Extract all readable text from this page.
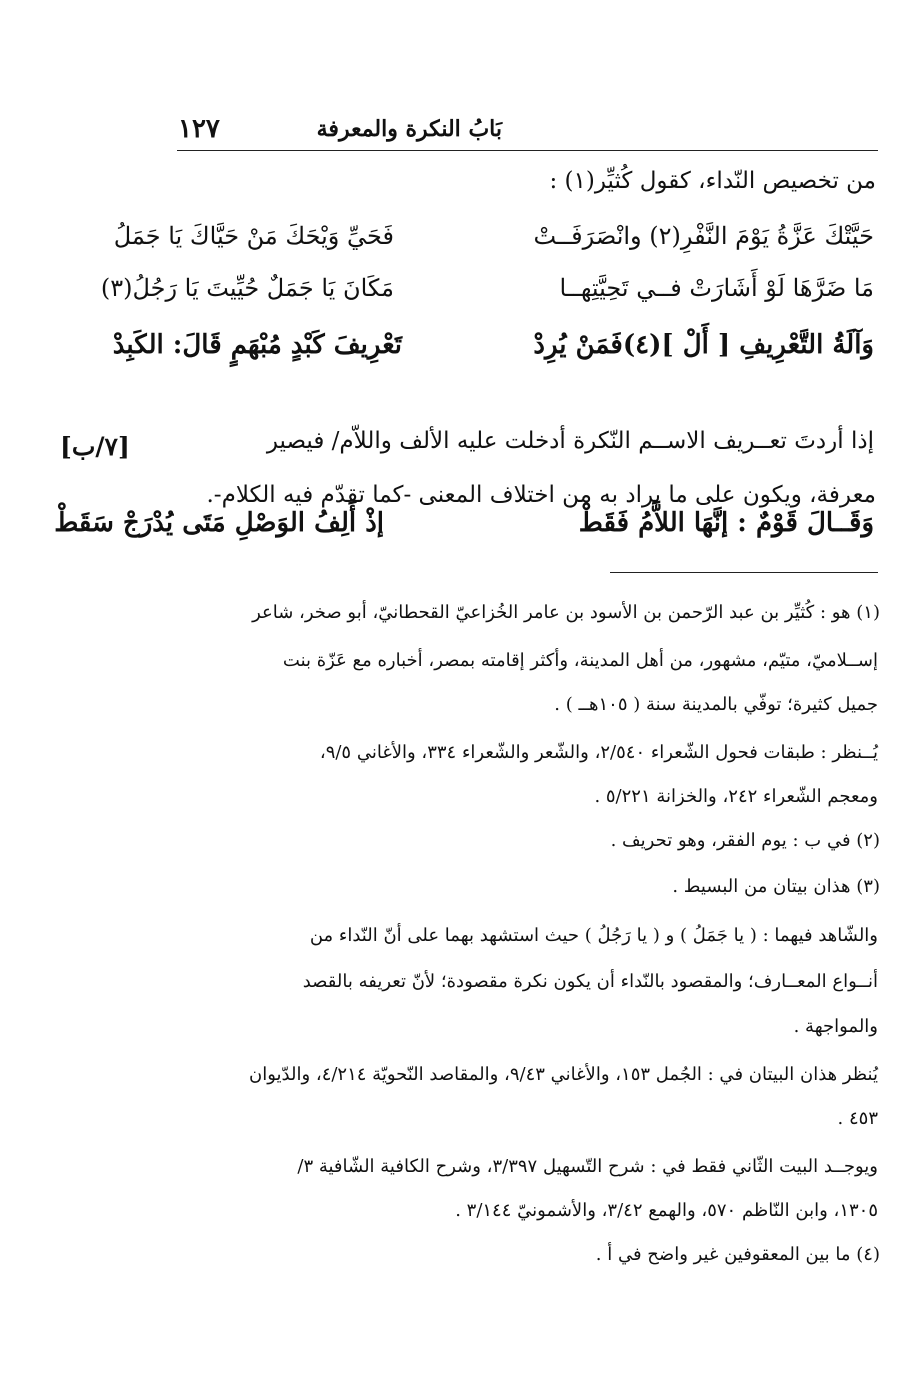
بَابُ النكرة والمعرفة
١٢٧
من تخصيص النّداء، كقول كُثيِّر(١) :
حَيَّتْكَ عَزَّةُ يَوْمَ النَّفْرِ(٢) وانْصَرَفَــتْ
فَحَيِّ وَيْحَكَ مَنْ حَيَّاكَ يَا جَمَلُ
مَا ضَرَّهَا لَوْ أَشَارَتْ فــي تَحِيَّتِهــا
مَكَانَ يَا جَمَلٌ حُيِّيتَ يَا رَجُلُ(٣)
وَآلَةُ التَّعْرِيفِ [ أَلْ ](٤)فَمَنْ يُرِدْ
تَعْرِيفَ كَبْدٍ مُبْهَمٍ قَالَ: الكَبِدْ
إذا أردتَ تعــريف الاســم النّكرة أدخلت عليه الألف واللاّم/ فيصير
معرفة، ويكون على ما يراد به من اختلاف المعنى -كما تقدّم فيه الكلام-.
[٧/ب]
وَقَــالَ قَوْمٌ : إنَّهَا اللاَّمُ فَقَطْ
إذْ أَلِفُ الوَصْلِ مَتَى يُدْرَجْ سَقَطْ
(١) هو : كُثيِّر بن عبد الرّحمن بن الأسود بن عامر الخُزاعيّ القحطانيّ، أبو صخر، شاعر
إســلاميّ، متيّم، مشهور، من أهل المدينة، وأكثر إقامته بمصر، أخباره مع عَزّة بنت
جميل كثيرة؛ توفّي بالمدينة سنة ( ١٠٥هــ ) .
يُــنظر : طبقات فحول الشّعراء ٢/٥٤٠، والشّعر والشّعراء ٣٣٤، والأغاني ٩/٥،
ومعجم الشّعراء ٢٤٢، والخزانة ٥/٢٢١ .
(٢) في ب : يوم الفقر، وهو تحريف .
(٣) هذان بيتان من البسيط .
والشّاهد فيهما : ( يا جَمَلُ ) و ( يا رَجُلُ ) حيث استشهد بهما على أنّ النّداء من
أنــواع المعــارف؛ والمقصود بالنّداء أن يكون نكرة مقصودة؛ لأنّ تعريفه بالقصد
والمواجهة .
يُنظر هذان البيتان في : الجُمل ١٥٣، والأغاني ٩/٤٣، والمقاصد النّحويّة ٤/٢١٤، والدّيوان
٤٥٣ .
ويوجــد البيت الثّاني فقط في : شرح التّسهيل ٣/٣٩٧، وشرح الكافية الشّافية ٣/
١٣٠٥، وابن النّاظم ٥٧٠، والهمع ٣/٤٢، والأشمونيّ ٣/١٤٤ .
(٤) ما بين المعقوفين غير واضح في أ .
